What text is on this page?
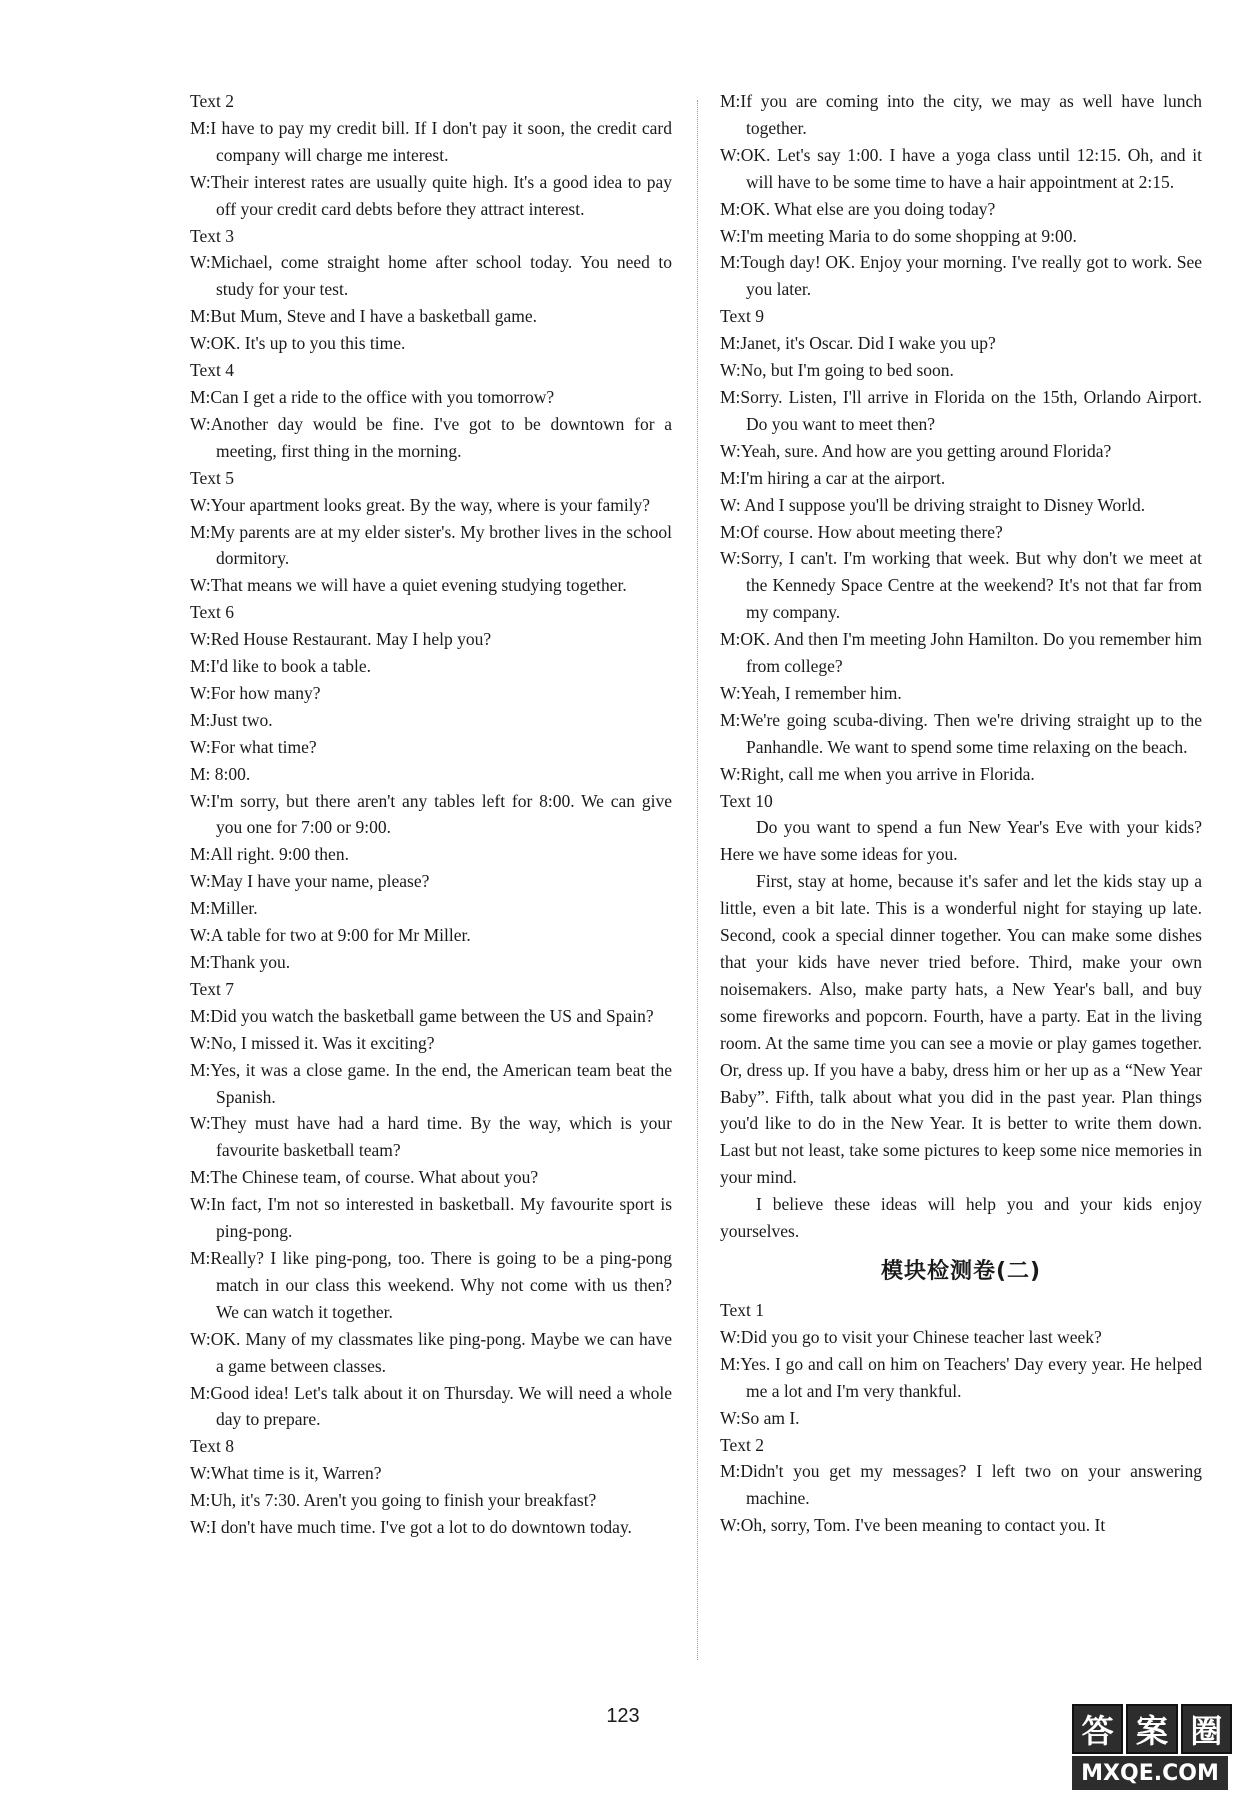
Text 2

M:I have to pay my credit bill. If I don't pay it soon, the credit card company will charge me interest.

W:Their interest rates are usually quite high. It's a good idea to pay off your credit card debts before they attract interest.

Text 3

W:Michael, come straight home after school today. You need to study for your test.

M:But Mum, Steve and I have a basketball game.

W:OK. It's up to you this time.

Text 4

M:Can I get a ride to the office with you tomorrow?

W:Another day would be fine. I've got to be downtown for a meeting, first thing in the morning.

Text 5

W:Your apartment looks great. By the way, where is your family?

M:My parents are at my elder sister's. My brother lives in the school dormitory.

W:That means we will have a quiet evening studying together.

Text 6

W:Red House Restaurant. May I help you?

M:I'd like to book a table.

W:For how many?

M:Just two.

W:For what time?

M: 8:00.

W:I'm sorry, but there aren't any tables left for 8:00. We can give you one for 7:00 or 9:00.

M:All right. 9:00 then.

W:May I have your name, please?

M:Miller.

W:A table for two at 9:00 for Mr Miller.

M:Thank you.

Text 7

M:Did you watch the basketball game between the US and Spain?

W:No, I missed it. Was it exciting?

M:Yes, it was a close game. In the end, the American team beat the Spanish.

W:They must have had a hard time. By the way, which is your favourite basketball team?

M:The Chinese team, of course. What about you?

W:In fact, I'm not so interested in basketball. My favourite sport is ping-pong.

M:Really? I like ping-pong, too. There is going to be a ping-pong match in our class this weekend. Why not come with us then? We can watch it together.

W:OK. Many of my classmates like ping-pong. Maybe we can have a game between classes.

M:Good idea! Let's talk about it on Thursday. We will need a whole day to prepare.

Text 8

W:What time is it, Warren?

M:Uh, it's 7:30. Aren't you going to finish your breakfast?

W:I don't have much time. I've got a lot to do downtown today.

M:If you are coming into the city, we may as well have lunch together.

W:OK. Let's say 1:00. I have a yoga class until 12:15. Oh, and it will have to be some time to have a hair appointment at 2:15.

M:OK. What else are you doing today?

W:I'm meeting Maria to do some shopping at 9:00.

M:Tough day! OK. Enjoy your morning. I've really got to work. See you later.

Text 9

M:Janet, it's Oscar. Did I wake you up?

W:No, but I'm going to bed soon.

M:Sorry. Listen, I'll arrive in Florida on the 15th, Orlando Airport. Do you want to meet then?

W:Yeah, sure. And how are you getting around Florida?

M:I'm hiring a car at the airport.

W: And I suppose you'll be driving straight to Disney World.

M:Of course. How about meeting there?

W:Sorry, I can't. I'm working that week. But why don't we meet at the Kennedy Space Centre at the weekend? It's not that far from my company.

M:OK. And then I'm meeting John Hamilton. Do you remember him from college?

W:Yeah, I remember him.

M:We're going scuba-diving. Then we're driving straight up to the Panhandle. We want to spend some time relaxing on the beach.

W:Right, call me when you arrive in Florida.

Text 10

Do you want to spend a fun New Year's Eve with your kids? Here we have some ideas for you.

First, stay at home, because it's safer and let the kids stay up a little, even a bit late. This is a wonderful night for staying up late. Second, cook a special dinner together. You can make some dishes that your kids have never tried before. Third, make your own noisemakers. Also, make party hats, a New Year's ball, and buy some fireworks and popcorn. Fourth, have a party. Eat in the living room. At the same time you can see a movie or play games together. Or, dress up. If you have a baby, dress him or her up as a “New Year Baby”. Fifth, talk about what you did in the past year. Plan things you'd like to do in the New Year. It is better to write them down. Last but not least, take some pictures to keep some nice memories in your mind.

I believe these ideas will help you and your kids enjoy yourselves.

模块检测卷(二)

Text 1

W:Did you go to visit your Chinese teacher last week?

M:Yes. I go and call on him on Teachers' Day every year. He helped me a lot and I'm very thankful.

W:So am I.

Text 2

M:Didn't you get my messages? I left two on your answering machine.

W:Oh, sorry, Tom. I've been meaning to contact you. It

123	答 案 圈
MXQE.COM
